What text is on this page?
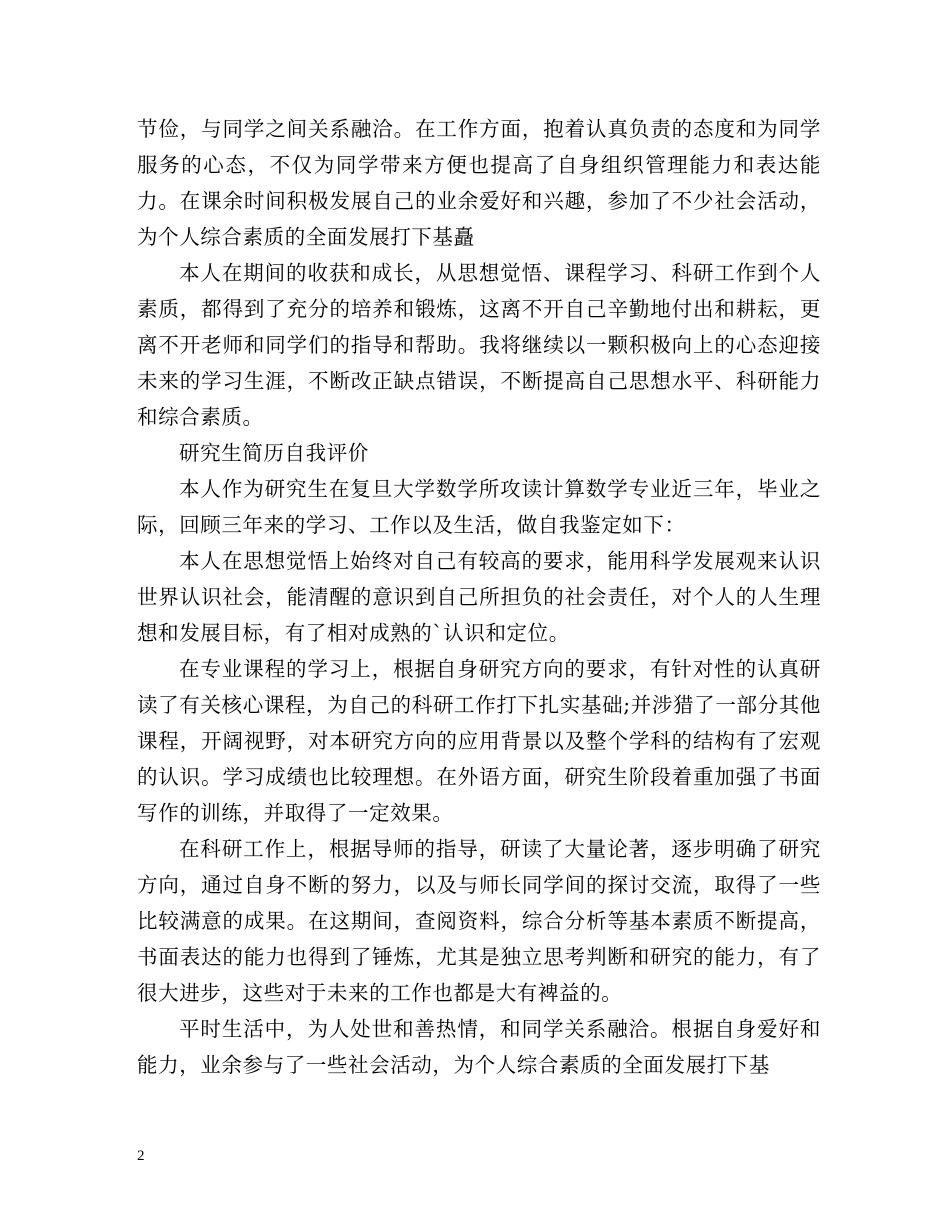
节俭，与同学之间关系融洽。在工作方面，抱着认真负责的态度和为同学服务的心态，不仅为同学带来方便也提高了自身组织管理能力和表达能力。在课余时间积极发展自己的业余爱好和兴趣，参加了不少社会活动，为个人综合素质的全面发展打下基矗

本人在期间的收获和成长，从思想觉悟、课程学习、科研工作到个人素质，都得到了充分的培养和锻炼，这离不开自己辛勤地付出和耕耘，更离不开老师和同学们的指导和帮助。我将继续以一颗积极向上的心态迎接未来的学习生涯，不断改正缺点错误，不断提高自己思想水平、科研能力和综合素质。

研究生简历自我评价

本人作为研究生在复旦大学数学所攻读计算数学专业近三年，毕业之际，回顾三年来的学习、工作以及生活，做自我鉴定如下：

本人在思想觉悟上始终对自己有较高的要求，能用科学发展观来认识世界认识社会，能清醒的意识到自己所担负的社会责任，对个人的人生理想和发展目标，有了相对成熟的`认识和定位。

在专业课程的学习上，根据自身研究方向的要求，有针对性的认真研读了有关核心课程，为自己的科研工作打下扎实基础;并涉猎了一部分其他课程，开阔视野，对本研究方向的应用背景以及整个学科的结构有了宏观的认识。学习成绩也比较理想。在外语方面，研究生阶段着重加强了书面写作的训练，并取得了一定效果。

在科研工作上，根据导师的指导，研读了大量论著，逐步明确了研究方向，通过自身不断的努力，以及与师长同学间的探讨交流，取得了一些比较满意的成果。在这期间，查阅资料，综合分析等基本素质不断提高，书面表达的能力也得到了锤炼，尤其是独立思考判断和研究的能力，有了很大进步，这些对于未来的工作也都是大有裨益的。

平时生活中，为人处世和善热情，和同学关系融洽。根据自身爱好和能力，业余参与了一些社会活动，为个人综合素质的全面发展打下基

2
